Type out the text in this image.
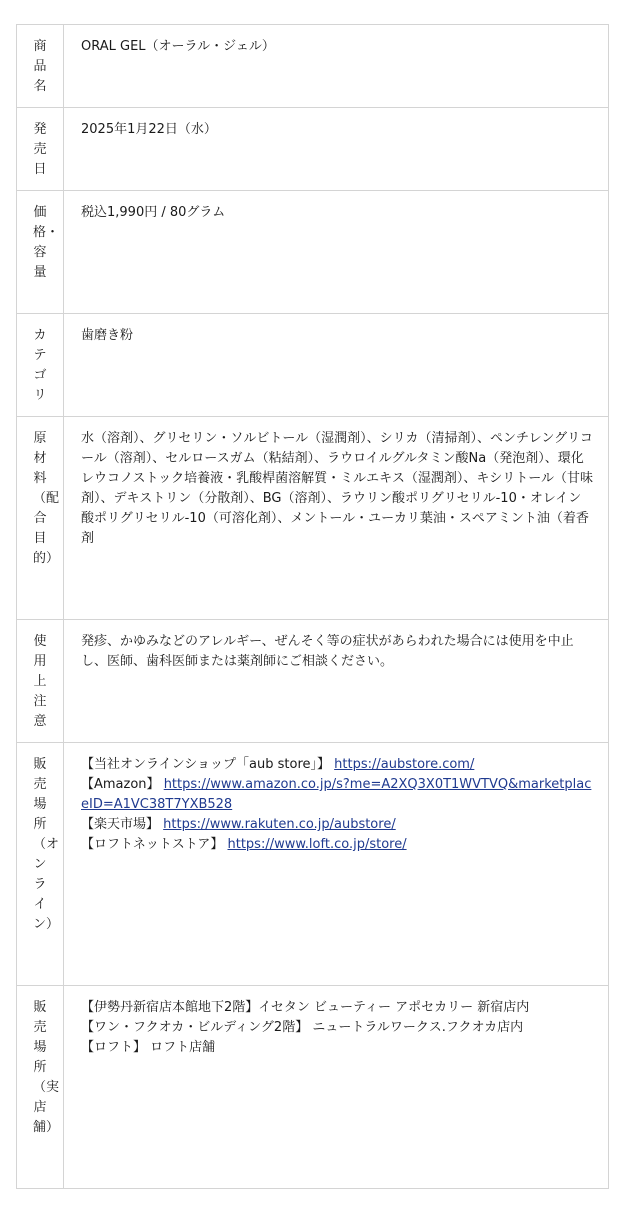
商品名	ORAL GEL（オーラル・ジェル）
発売日	2025年1月22日（水）
価格・容量	税込1,990円 / 80グラム
カテゴリ	歯磨き粉
原材料（配合目的）	水（溶剤）、グリセリン・ソルビトール（湿潤剤）、シリカ（清掃剤）、ペンチレングリコール（溶剤）、セルロースガム（粘結剤）、ラウロイルグルタミン酸Na（発泡剤）、環化レウコノストック培養液・乳酸桿菌溶解質・ミルエキス（湿潤剤）、キシリトール（甘味剤）、デキストリン（分散剤）、BG（溶剤）、ラウリン酸ポリグリセリル-10・オレイン酸ポリグリセリル-10（可溶化剤）、メントール・ユーカリ葉油・スペアミント油（着香剤
使用上注意	発疹、かゆみなどのアレルギー、ぜんそく等の症状があらわれた場合には使用を中止し、医師、歯科医師または薬剤師にご相談ください。
販売場所（オンライン）	【当社オンラインショップ「aub store」】 https://aubstore.com/

【Amazon】 https://www.amazon.co.jp/s?me=A2XQ3X0T1WVTVQ&marketplaceID=A1VC38T7YXB528

【楽天市場】 https://www.rakuten.co.jp/aubstore/

【ロフトネットストア】 https://www.loft.co.jp/store/

販売場所（実店舗）	【伊勢丹新宿店本館地下2階】イセタン ビューティー アポセカリー 新宿店内

【ワン・フクオカ・ビルディング2階】 ニュートラルワークス.フクオカ店内

【ロフト】 ロフト店舗
